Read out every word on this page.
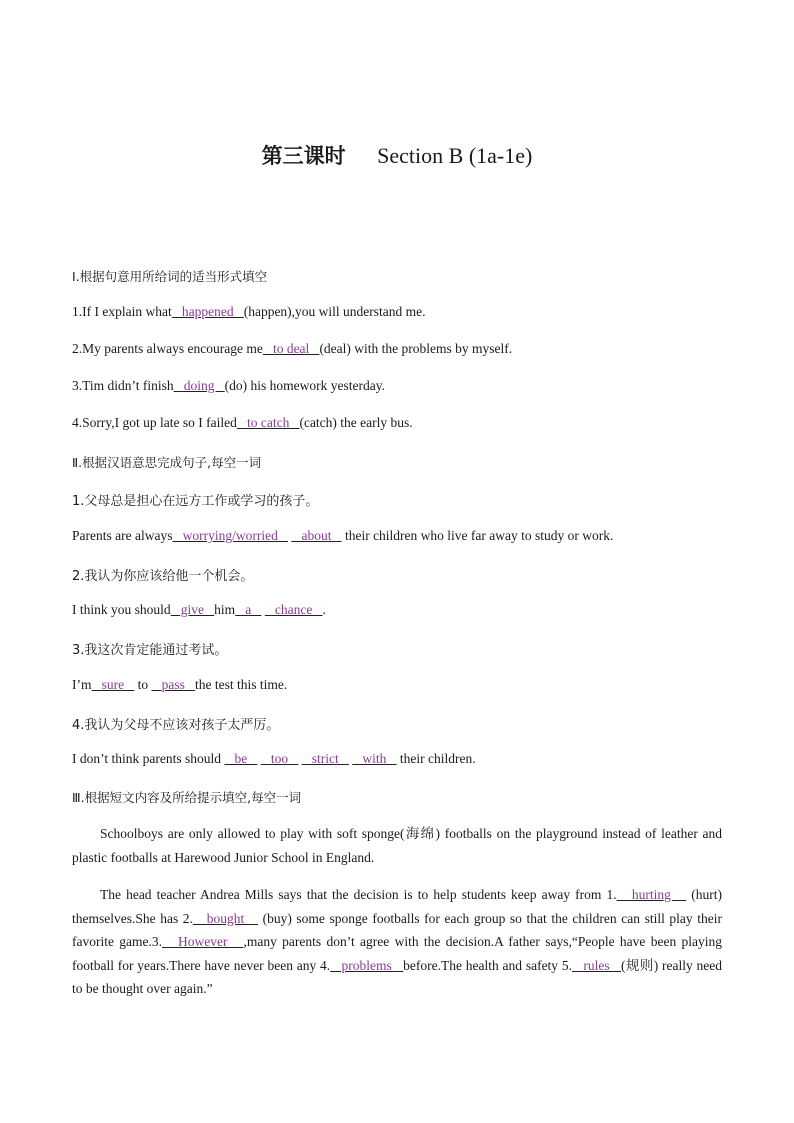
第三课时 Section B (1a-1e)
Ⅰ.根据句意用所给词的适当形式填空
1.If I explain what   happened   (happen),you will understand me.
2.My parents always encourage me   to deal   (deal) with the problems by myself.
3.Tim didn’t finish   doing   (do) his homework yesterday.
4.Sorry,I got up late so I failed   to catch   (catch) the early bus.
Ⅱ.根据汉语意思完成句子,每空一词
1.父母总是担心在远方工作或学习的孩子。
Parents are always   worrying/worried       about    their children who live far away to study or work.
2.我认为你应该给他一个机会。
I think you should   give   him   a       chance   .
3.我这次肯定能通过考试。
I’m   sure    to    pass   the test this time.
4.我认为父母不应该对孩子太严厉。
I don’t think parents should    be       too       strict       with    their children.
Ⅲ.根据短文内容及所给提示填空,每空一词
Schoolboys are only allowed to play with soft sponge(海绵) footballs on the playground instead of leather and plastic footballs at Harewood Junior School in England.
The head teacher Andrea Mills says that the decision is to help students keep away from 1.   hurting    (hurt) themselves.She has 2.   bought    (buy) some sponge footballs for each group so that the children can still play their favorite game.3.   However   ,many parents don’t agree with the decision.A father says,“People have been playing football for years.There have never been any 4.   problems   before.The health and safety 5.   rules   (规则) really need to be thought over again.”
